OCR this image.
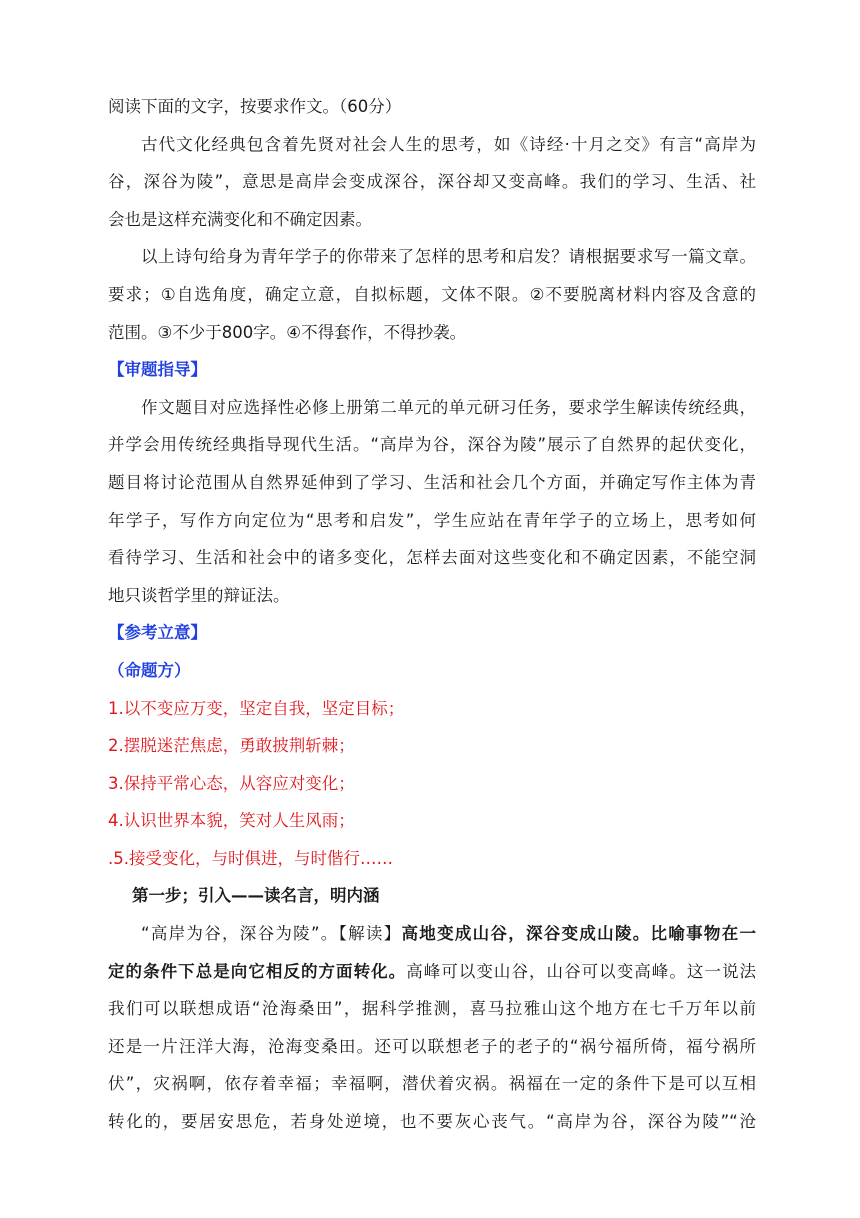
阅读下面的文字，按要求作文。（60分）
古代文化经典包含着先贤对社会人生的思考，如《诗经·十月之交》有言“高岸为
谷，深谷为陵”，意思是高岸会变成深谷，深谷却又变高峰。我们的学习、生活、社
会也是这样充满变化和不确定因素。
以上诗句给身为青年学子的你带来了怎样的思考和启发？请根据要求写一篇文章。
要求；①自选角度，确定立意，自拟标题，文体不限。②不要脱离材料内容及含意的
范围。③不少于800字。④不得套作，不得抄袭。
【审题指导】
作文题目对应选择性必修上册第二单元的单元研习任务，要求学生解读传统经典，
并学会用传统经典指导现代生活。“高岸为谷，深谷为陵”展示了自然界的起伏变化，
题目将讨论范围从自然界延伸到了学习、生活和社会几个方面，并确定写作主体为青
年学子，写作方向定位为“思考和启发”，学生应站在青年学子的立场上，思考如何
看待学习、生活和社会中的诸多变化，怎样去面对这些变化和不确定因素，不能空洞
地只谈哲学里的辩证法。
【参考立意】
（命题方）
1.以不变应万变，坚定自我，坚定目标；
2.摆脱迷茫焦虑，勇敢披荆斩棘；
3.保持平常心态，从容应对变化；
4.认识世界本貌，笑对人生风雨；
.5.接受变化，与时俱进，与时偕行……
第一步；引入——读名言，明内涵
“高岸为谷，深谷为陵”。【解读】高地变成山谷，深谷变成山陵。比喻事物在一
定的条件下总是向它相反的方面转化。高峰可以变山谷，山谷可以变高峰。这一说法
我们可以联想成语“沧海桑田”，据科学推测，喜马拉雅山这个地方在七千万年以前
还是一片汪洋大海，沧海变桑田。还可以联想老子的老子的“祸兮福所倚，福兮祸所
伏”，灾祸啊，依存着幸福；幸福啊，潜伏着灾祸。祸福在一定的条件下是可以互相
转化的，要居安思危，若身处逆境，也不要灰心丧气。“高岸为谷，深谷为陵”“沧
